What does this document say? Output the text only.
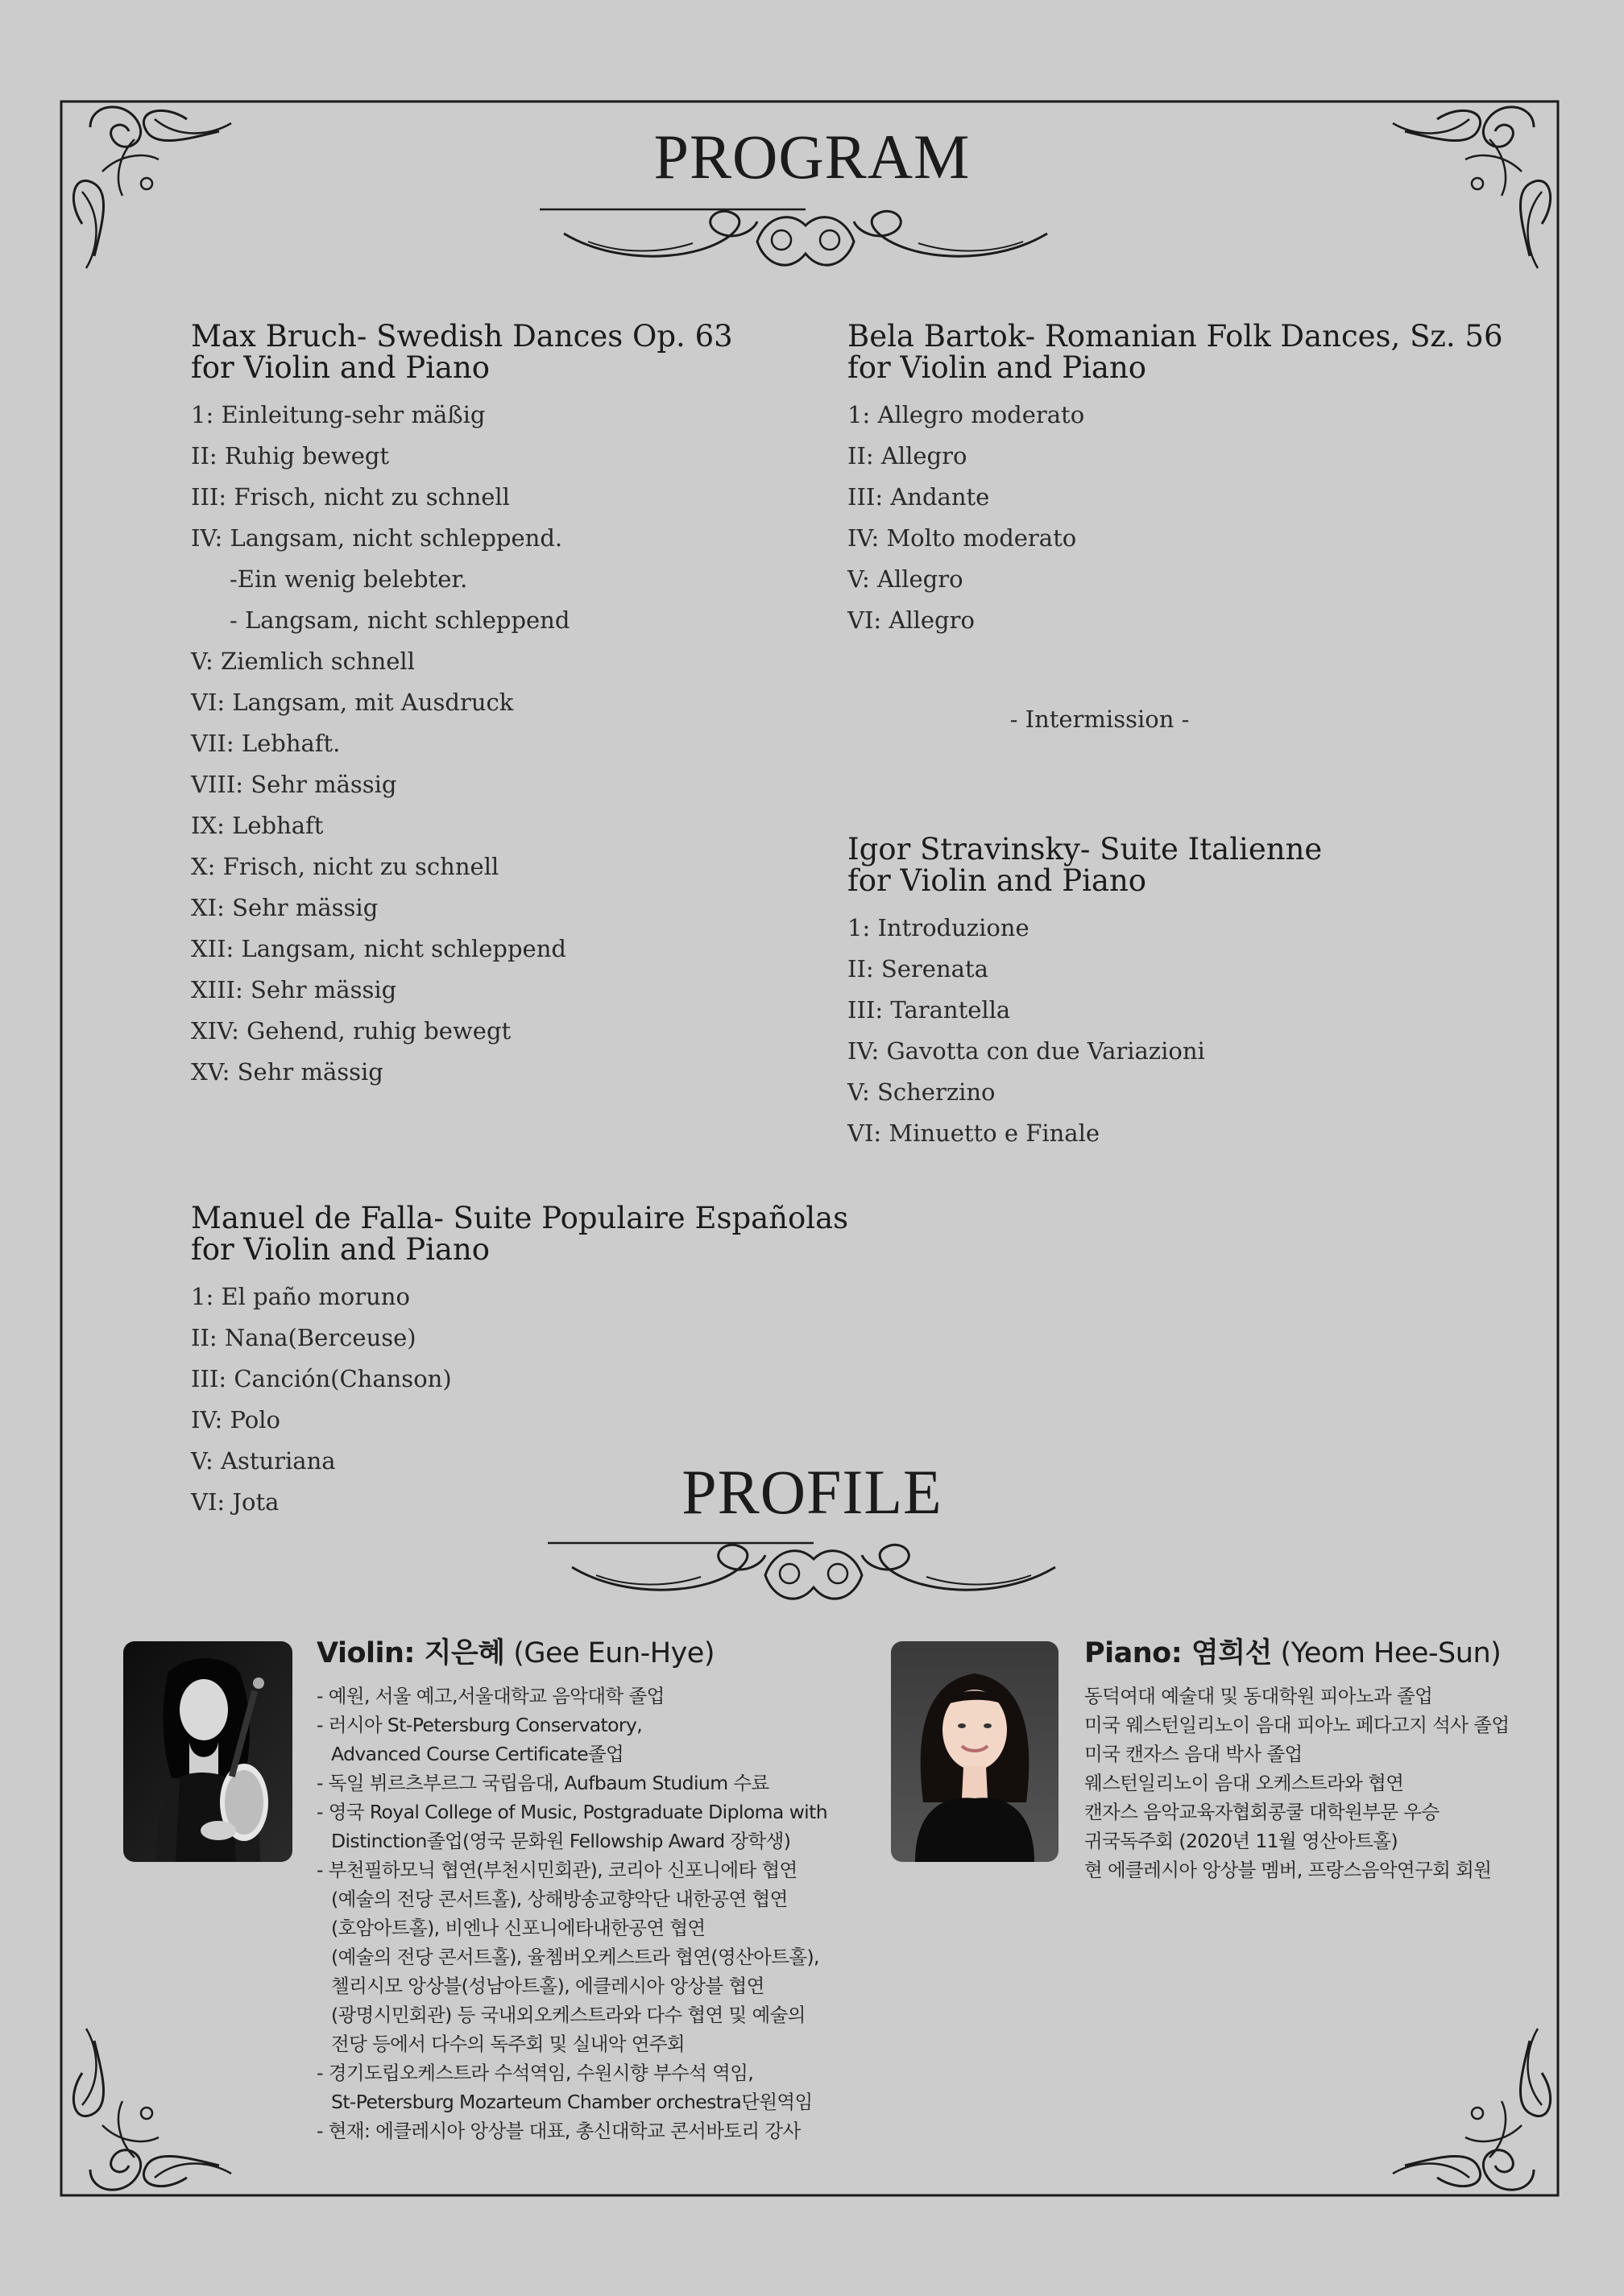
PROGRAM
PROFILE
Max Bruch- Swedish Dances Op. 63
for Violin and Piano
1: Einleitung-sehr mäßig
II: Ruhig bewegt
III: Frisch, nicht zu schnell
IV: Langsam, nicht schleppend.
-Ein wenig belebter.
- Langsam, nicht schleppend
V: Ziemlich schnell
VI: Langsam, mit Ausdruck
VII: Lebhaft.
VIII: Sehr mässig
IX: Lebhaft
X: Frisch, nicht zu schnell
XI: Sehr mässig
XII: Langsam, nicht schleppend
XIII: Sehr mässig
XIV: Gehend, ruhig bewegt
XV: Sehr mässig
Bela Bartok- Romanian Folk Dances, Sz. 56
for Violin and Piano
1: Allegro moderato
II: Allegro
III: Andante
IV: Molto moderato
V: Allegro
VI: Allegro
- Intermission -
Igor Stravinsky- Suite Italienne
for Violin and Piano
1: Introduzione
II: Serenata
III: Tarantella
IV: Gavotta con due Variazioni
V: Scherzino
VI: Minuetto e Finale
Manuel de Falla- Suite Populaire Españolas
for Violin and Piano
1: El paño moruno
II: Nana(Berceuse)
III: Canción(Chanson)
IV: Polo
V: Asturiana
VI: Jota
Violin: 지은혜 (Gee Eun-Hye)
- 예원, 서울 예고,서울대학교 음악대학 졸업
- 러시아 St-Petersburg Conservatory,
Advanced Course Certificate졸업
- 독일 뷔르츠부르그 국립음대, Aufbaum Studium 수료
- 영국 Royal College of Music, Postgraduate Diploma with
Distinction졸업(영국 문화원 Fellowship Award 장학생)
- 부천필하모닉 협연(부천시민회관), 코리아 신포니에타 협연
(예술의 전당 콘서트홀), 상해방송교향악단 내한공연 협연
(호암아트홀), 비엔나 신포니에타내한공연 협연
(예술의 전당 콘서트홀), 율쳄버오케스트라 협연(영산아트홀),
첼리시모 앙상블(성남아트홀), 에클레시아 앙상블 협연
(광명시민회관) 등 국내외오케스트라와 다수 협연 및 예술의
전당 등에서 다수의 독주회 및 실내악 연주회
- 경기도립오케스트라 수석역임, 수원시향 부수석 역임,
St-Petersburg Mozarteum Chamber orchestra단원역임
- 현재: 에클레시아 앙상블 대표, 총신대학교 콘서바토리 강사
Piano: 염희선 (Yeom Hee-Sun)
동덕여대 예술대 및 동대학원 피아노과 졸업
미국 웨스턴일리노이 음대 피아노 페다고지 석사 졸업
미국 캔자스 음대 박사 졸업
웨스턴일리노이 음대 오케스트라와 협연
캔자스 음악교육자협회콩쿨 대학원부문 우승
귀국독주회 (2020년 11월 영산아트홀)
현 에클레시아 앙상블 멤버, 프랑스음악연구회 회원
